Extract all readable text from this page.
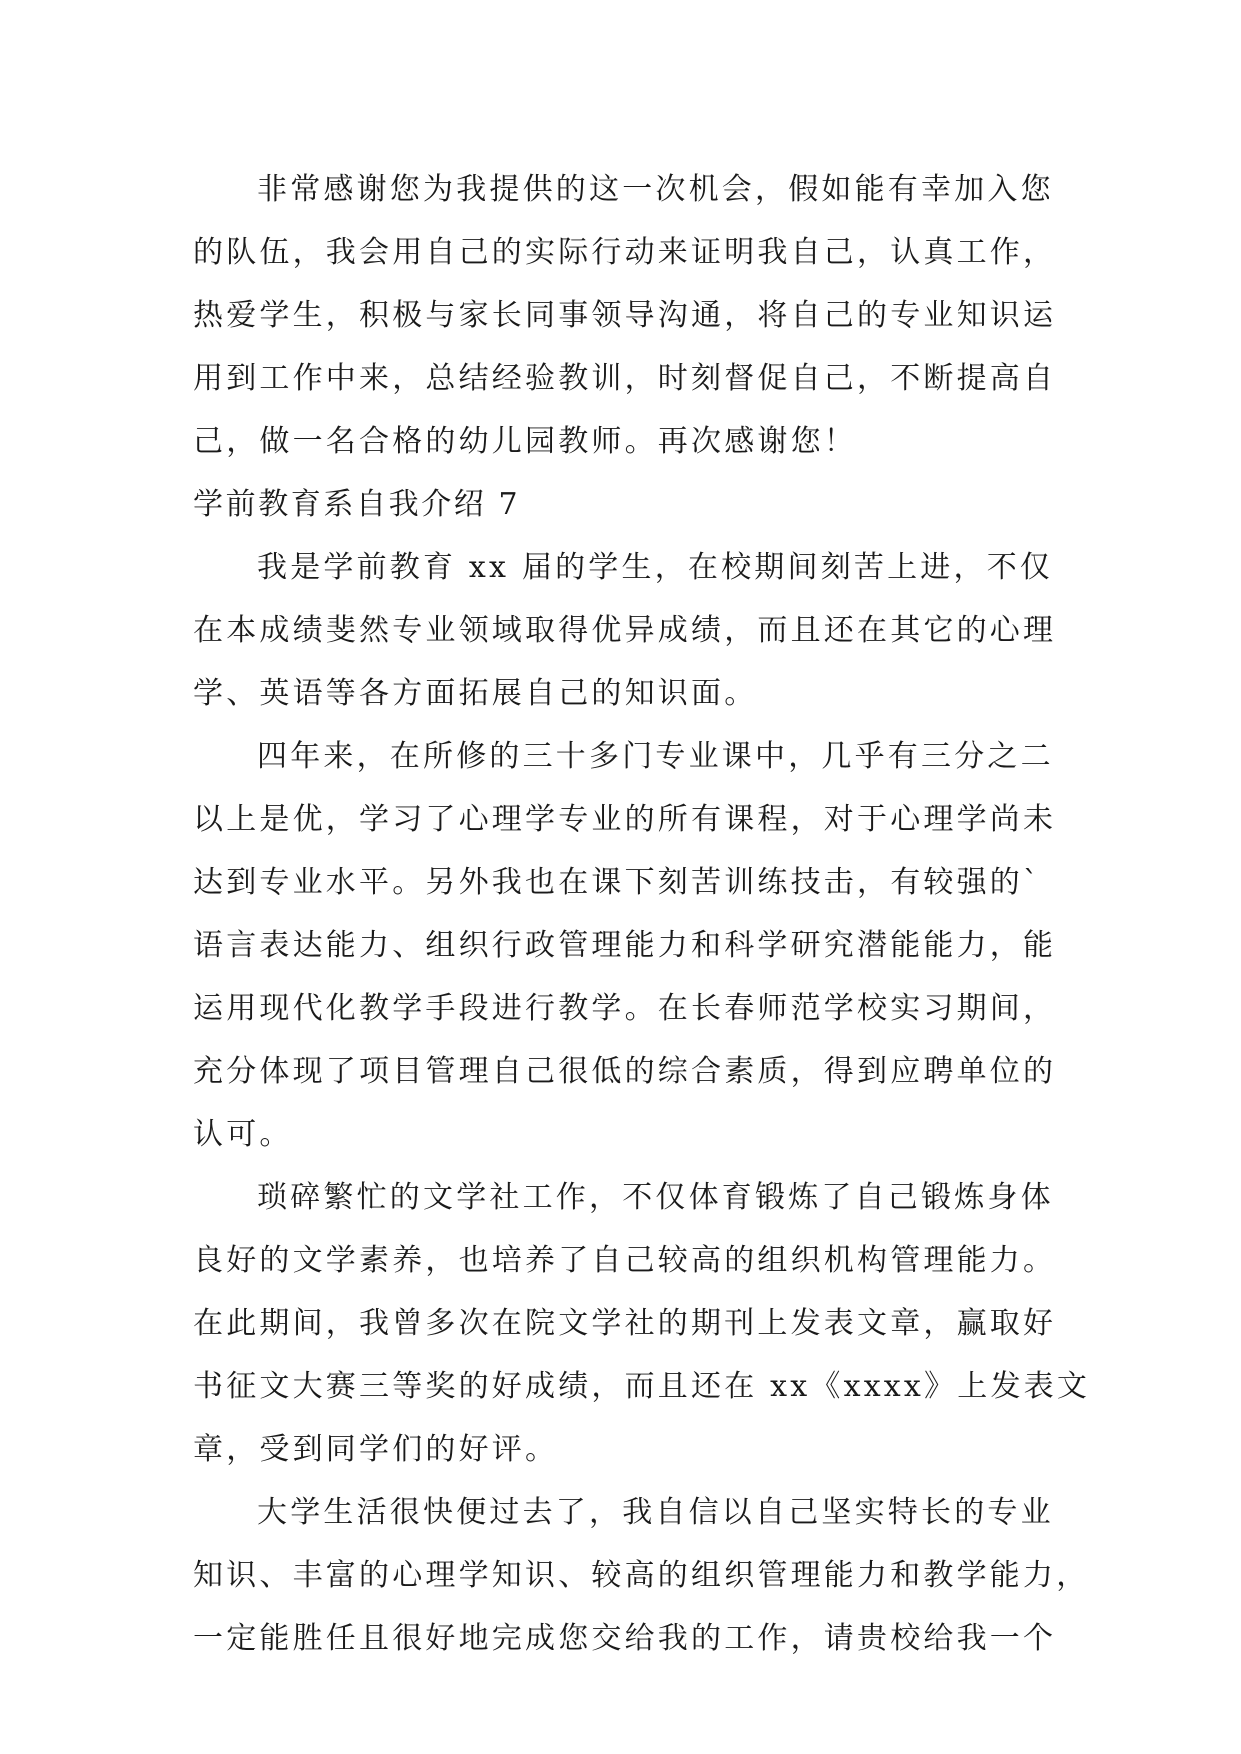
非常感谢您为我提供的这一次机会，假如能有幸加入您
的队伍，我会用自己的实际行动来证明我自己，认真工作，
热爱学生，积极与家长同事领导沟通，将自己的专业知识运
用到工作中来，总结经验教训，时刻督促自己，不断提高自
己，做一名合格的幼儿园教师。再次感谢您！
学前教育系自我介绍 7
我是学前教育 xx 届的学生，在校期间刻苦上进，不仅
在本成绩斐然专业领域取得优异成绩，而且还在其它的心理
学、英语等各方面拓展自己的知识面。
四年来，在所修的三十多门专业课中，几乎有三分之二
以上是优，学习了心理学专业的所有课程，对于心理学尚未
达到专业水平。另外我也在课下刻苦训练技击，有较强的`
语言表达能力、组织行政管理能力和科学研究潜能能力，能
运用现代化教学手段进行教学。在长春师范学校实习期间，
充分体现了项目管理自己很低的综合素质，得到应聘单位的
认可。
琐碎繁忙的文学社工作，不仅体育锻炼了自己锻炼身体
良好的文学素养，也培养了自己较高的组织机构管理能力。
在此期间，我曾多次在院文学社的期刊上发表文章，赢取好
书征文大赛三等奖的好成绩，而且还在 xx《xxxx》上发表文
章，受到同学们的好评。
大学生活很快便过去了，我自信以自己坚实特长的专业
知识、丰富的心理学知识、较高的组织管理能力和教学能力，
一定能胜任且很好地完成您交给我的工作，请贵校给我一个
